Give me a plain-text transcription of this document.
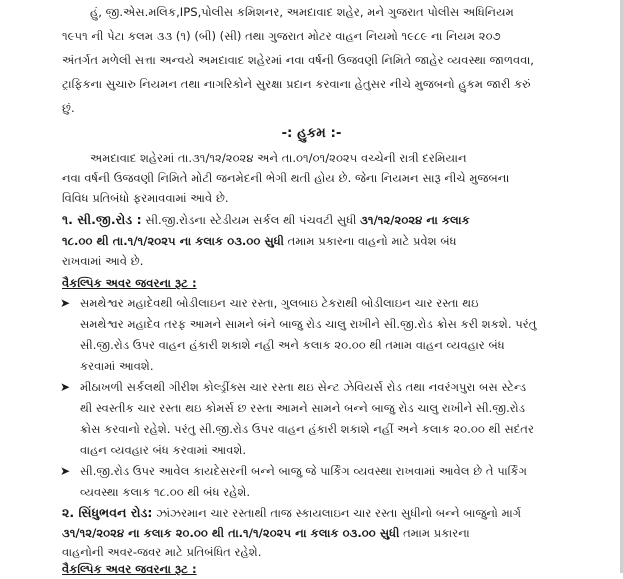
હું, જી.એસ.મલિક,IPS,પોલીસ કમિશનર, અમદાવાદ શહેર, મને ગુજરાત પોલીસ અધિનિયમ
૧૯૫૧ ની પેટા કલમ ૩૩ (૧) (બી) (સી) તથા ગુજરાત મોટર વાહન નિયમો ૧૯૮૯ ના નિયમ ૨૦૭
અંતર્ગત મળેલી સત્તા અન્વયે અમદાવાદ શહેરમાં નવા વર્ષની ઉજવણી નિમિતે જાહેર વ્યવસ્થા જાળવવા,
ટ્રાફિકના સુચારુ નિયમન તથા નાગરિકોને સુરક્ષા પ્રદાન કરવાના હેતુસર નીચે મુજબનો હુકમ જારી કરું
છું.
-: હુકમ :-
અમદાવાદ શહેરમાં તા.૩૧/૧૨/૨૦૨૪ અને તા.૦૧/૦૧/૨૦૨૫ વચ્ચેની રાત્રી દરમિયાન
નવા વર્ષની ઉજવણી નિમિતે મોટી જનમેદની ભેગી થતી હોય છે. જેના નિયમન સારૂ નીચે મુજબના
વિવિધ પ્રતિબંધો ફરમાવવામાં આવે છે.
૧. સી.જી.રોડ : સી.જી.રોડના સ્ટેડીયમ સર્કલ થી પંચવટી સુધી ૩૧/૧૨/૨૦૨૪ ના કલાક
૧૮.૦૦ થી તા.૧/૧/૨૦૨૫ ના કલાક ૦૩.૦૦ સુધી તમામ પ્રકારના વાહનો માટે પ્રવેશ બંધ
રાખવામાં આવે છે.
વૈકલ્પિક અવર જવરના રૂટ :
➤ સમથેશ્વર મહાદેવથી બોડીલાઇન ચાર રસ્તા, ગુલબાઇ ટેકરાથી બોડીલાઇન ચાર રસ્તા થઇ
સમથેશ્વર મહાદેવ તરફ આમને સામને બંને બાજુ રોડ ચાલુ રાખીને સી.જી.રોડ ક્રોસ કરી શકશે. પરંતુ
સી.જી.રોડ ઉપર વાહન હંકારી શકાશે નહી અને કલાક ૨૦.૦૦ થી તમામ વાહન વ્યવહાર બંધ
કરવામાં આવશે.
➤ મીઠાખળી સર્કલથી ગીરીશ કોલ્ડ્રીંક્સ ચાર રસ્તા થઇ સેન્ટ ઝેવિયર્સ રોડ તથા નવરંગપુરા બસ સ્ટેન્ડ
થી સ્વસ્તીક ચાર રસ્તા થઇ કોમર્સ છ રસ્તા આમને સામને બન્ને બાજુ રોડ ચાલુ રાખીને સી.જી.રોડ
ક્રોસ કરવાનો રહેશે. પરંતુ સી.જી.રોડ ઉપર વાહન હંકારી શકાશે નહીં અને કલાક ૨૦.૦૦ થી સદંતર
વાહન વ્યવહાર બંધ કરવામાં આવશે.
➤ સી.જી.રોડ ઉપર આવેલ કાયદેસરની બન્ને બાજુ જે પાર્કિંગ વ્યવસ્થા રાખવામાં આવેલ છે તે પાર્કિંગ
વ્યવસ્થા કલાક ૧૮.૦૦ થી બંધ રહેશે.
૨. સિંધુભવન રોડ: ઝાંઝરમાન ચાર રસ્તાથી તાજ સ્કાયલાઇન ચાર રસ્તા સુધીનો બન્ને બાજુનો માર્ગ
૩૧/૧૨/૨૦૨૪ ના કલાક ૨૦.૦૦ થી તા.૧/૧/૨૦૨૫ ના કલાક ૦૩.૦૦ સુધી તમામ પ્રકારના
વાહનોની અવર-જવર માટે પ્રતિબંધિત રહેશે.
વૈકલ્પિક અવર જવરના રૂટ :
